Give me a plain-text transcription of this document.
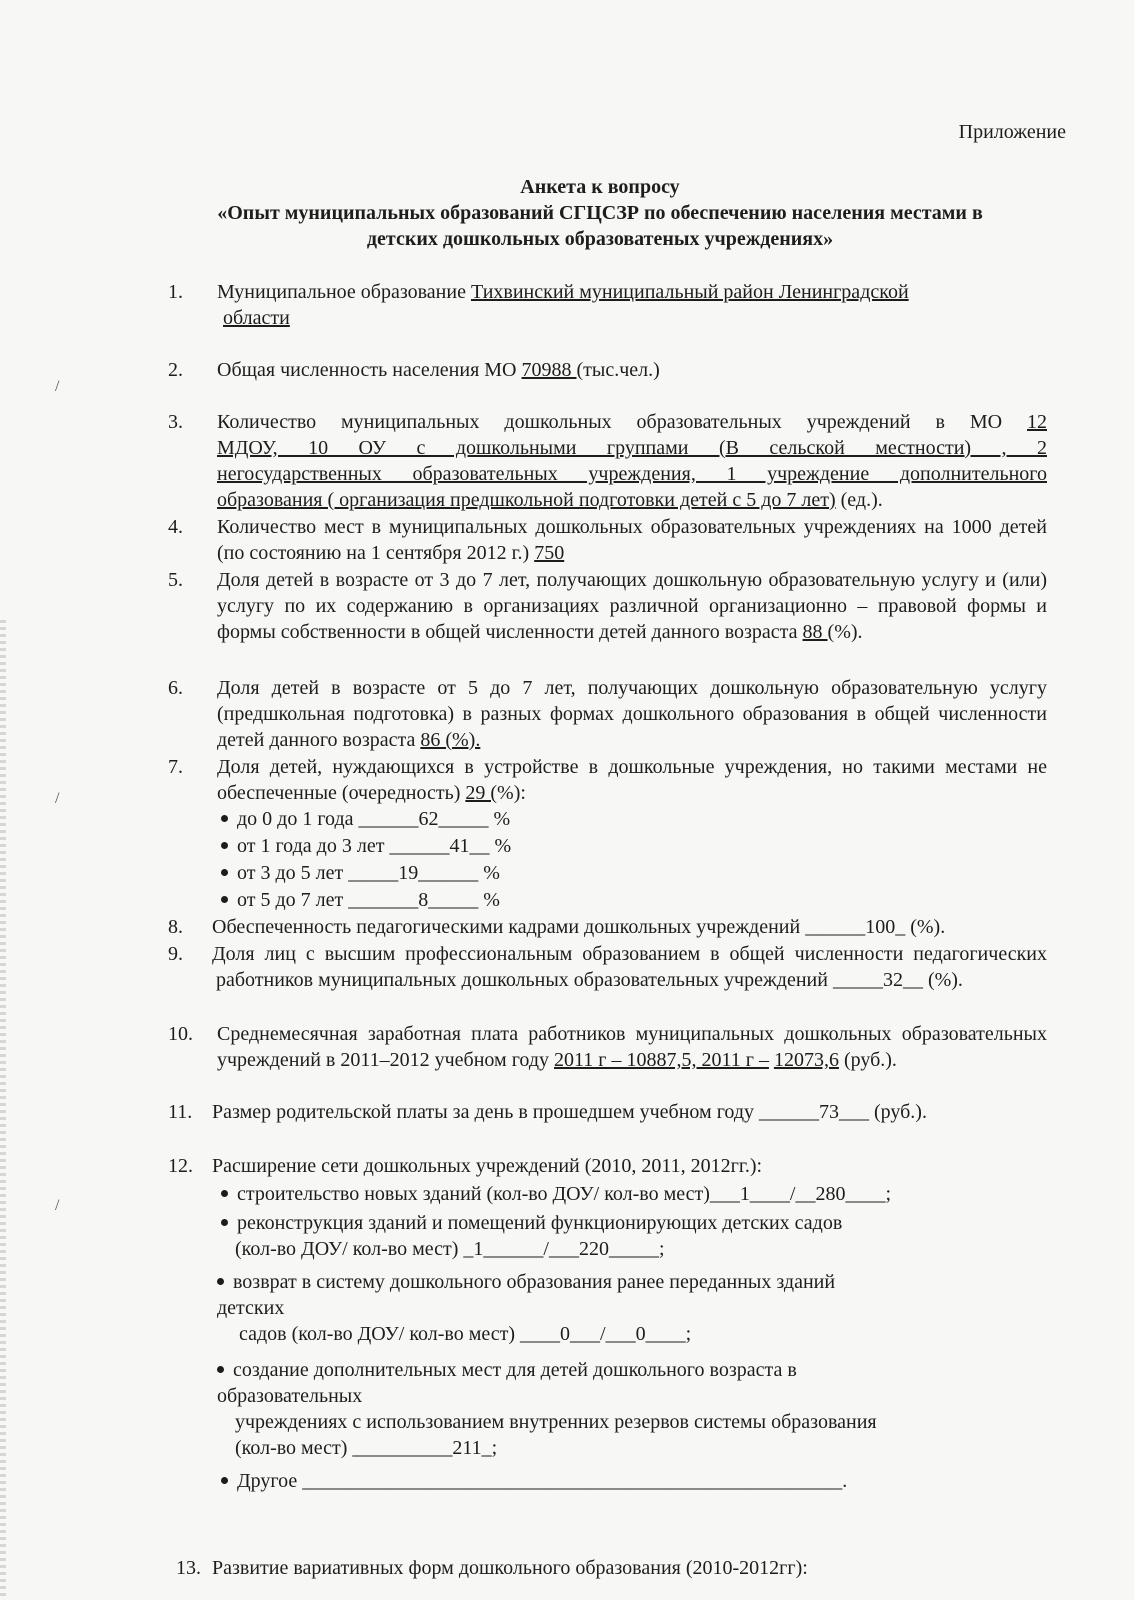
/
/
/
Приложение
Анкета к вопросу
«Опыт муниципальных образований СГЦСЗР по обеспечению населения местами в
детских дошкольных образоватеных учреждениях»
1. Муниципальное образование Тихвинский муниципальный район Ленинградской
области
2. Общая численность населения МО 70988 (тыс.чел.)
3. Количество муниципальных дошкольных образовательных учреждений в МО 12
МДОУ, 10 ОУ с дошкольными группами (В сельской местности) , 2
негосударственных образовательных учреждения, 1 учреждение дополнительного
образования ( организация предшкольной подготовки детей с 5 до 7 лет) (ед.).
4. Количество мест в муниципальных дошкольных образовательных учреждениях на 1000 детей (по состоянию на 1 сентября 2012 г.) 750
5. Доля детей в возрасте от 3 до 7 лет, получающих дошкольную образовательную услугу и (или) услугу по их содержанию в организациях различной организационно – правовой формы и формы собственности в общей численности детей данного возраста 88 (%).
6. Доля детей в возрасте от 5 до 7 лет, получающих дошкольную образовательную услугу (предшкольная подготовка) в разных формах дошкольного образования в общей численности детей данного возраста 86 (%).
7. Доля детей, нуждающихся в устройстве в дошкольные учреждения, но такими местами не обеспеченные (очередность) 29 (%):
до 0 до 1 года ______62_____ %
от 1 года до 3 лет ______41__ %
от 3 до 5 лет _____19______ %
от 5 до 7 лет _______8_____ %
8. Обеспеченность педагогическими кадрами дошкольных учреждений ______100_ (%).
9. Доля лиц с высшим профессиональным образованием в общей численности педагогических работников муниципальных дошкольных образовательных учреждений _____32__ (%).
10. Среднемесячная заработная плата работников муниципальных дошкольных образовательных учреждений в 2011–2012 учебном году 2011 г – 10887,5, 2011 г – 12073,6 (руб.).
11. Размер родительской платы за день в прошедшем учебном году ______73___ (руб.).
12. Расширение сети дошкольных учреждений (2010, 2011, 2012гг.):
строительство новых зданий (кол-во ДОУ/ кол-во мест)___1____/__280____;
реконструкция зданий и помещений функционирующих детских садов
(кол-во ДОУ/ кол-во мест) _1______/___220_____;
возврат в систему дошкольного образования ранее переданных зданий
детских
садов (кол-во ДОУ/ кол-во мест) ____0___/___0____;
создание дополнительных мест для детей дошкольного возраста в
образовательных
учреждениях с использованием внутренних резервов системы образования
(кол-во мест) __________211_;
Другое ______________________________________________________.
13. Развитие вариативных форм дошкольного образования (2010-2012гг):
